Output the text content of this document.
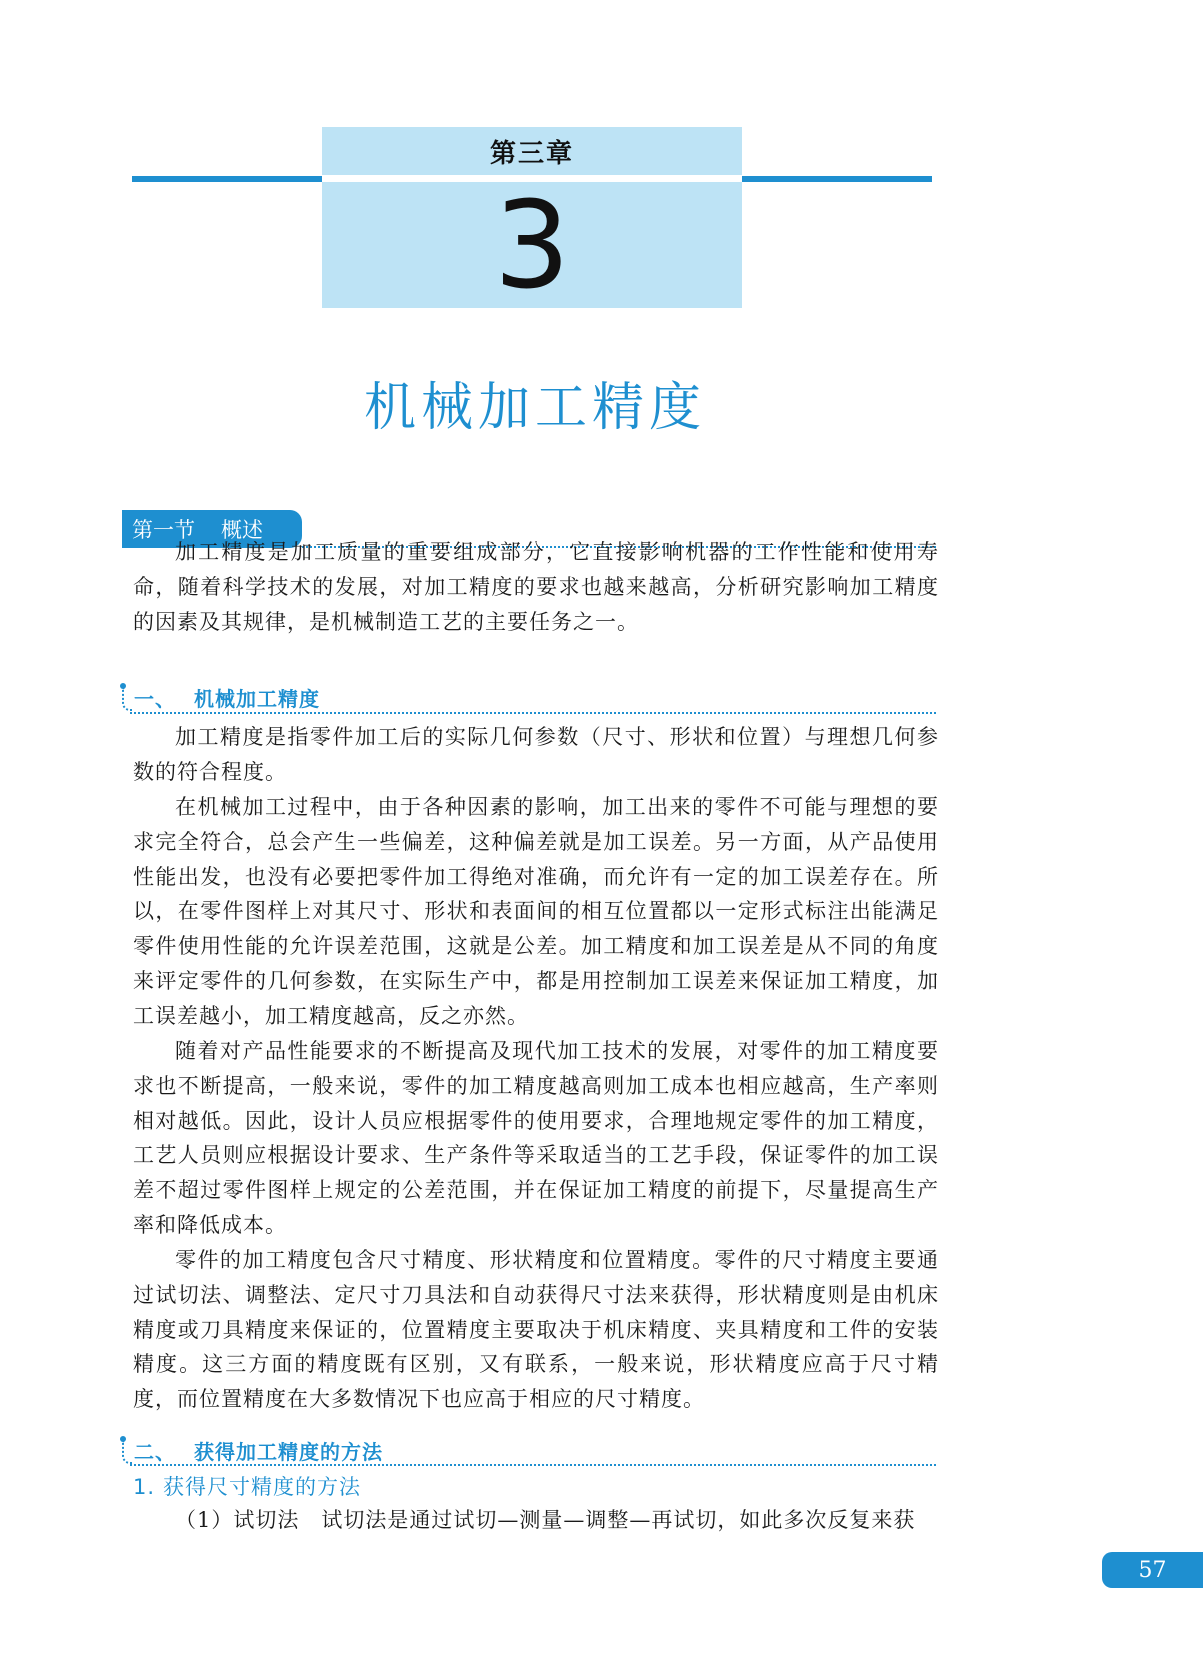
第三章
3
机械加工精度
第一节 概述

加工精度是加工质量的重要组成部分，它直接影响机器的工作性能和使用寿命，随着科学技术的发展，对加工精度的要求也越来越高，分析研究影响加工精度的因素及其规律，是机械制造工艺的主要任务之一。

一、 机械加工精度

加工精度是指零件加工后的实际几何参数（尺寸、形状和位置）与理想几何参数的符合程度。

在机械加工过程中，由于各种因素的影响，加工出来的零件不可能与理想的要求完全符合，总会产生一些偏差，这种偏差就是加工误差。另一方面，从产品使用性能出发，也没有必要把零件加工得绝对准确，而允许有一定的加工误差存在。所以，在零件图样上对其尺寸、形状和表面间的相互位置都以一定形式标注出能满足零件使用性能的允许误差范围，这就是公差。加工精度和加工误差是从不同的角度来评定零件的几何参数，在实际生产中，都是用控制加工误差来保证加工精度，加工误差越小，加工精度越高，反之亦然。

随着对产品性能要求的不断提高及现代加工技术的发展，对零件的加工精度要求也不断提高，一般来说，零件的加工精度越高则加工成本也相应越高，生产率则相对越低。因此，设计人员应根据零件的使用要求，合理地规定零件的加工精度，工艺人员则应根据设计要求、生产条件等采取适当的工艺手段，保证零件的加工误差不超过零件图样上规定的公差范围，并在保证加工精度的前提下，尽量提高生产率和降低成本。

零件的加工精度包含尺寸精度、形状精度和位置精度。零件的尺寸精度主要通过试切法、调整法、定尺寸刀具法和自动获得尺寸法来获得，形状精度则是由机床精度或刀具精度来保证的，位置精度主要取决于机床精度、夹具精度和工件的安装精度。这三方面的精度既有区别，又有联系，一般来说，形状精度应高于尺寸精度，而位置精度在大多数情况下也应高于相应的尺寸精度。

二、 获得加工精度的方法
1. 获得尺寸精度的方法

（1）试切法　试切法是通过试切—测量—调整—再试切，如此多次反复来获

57
